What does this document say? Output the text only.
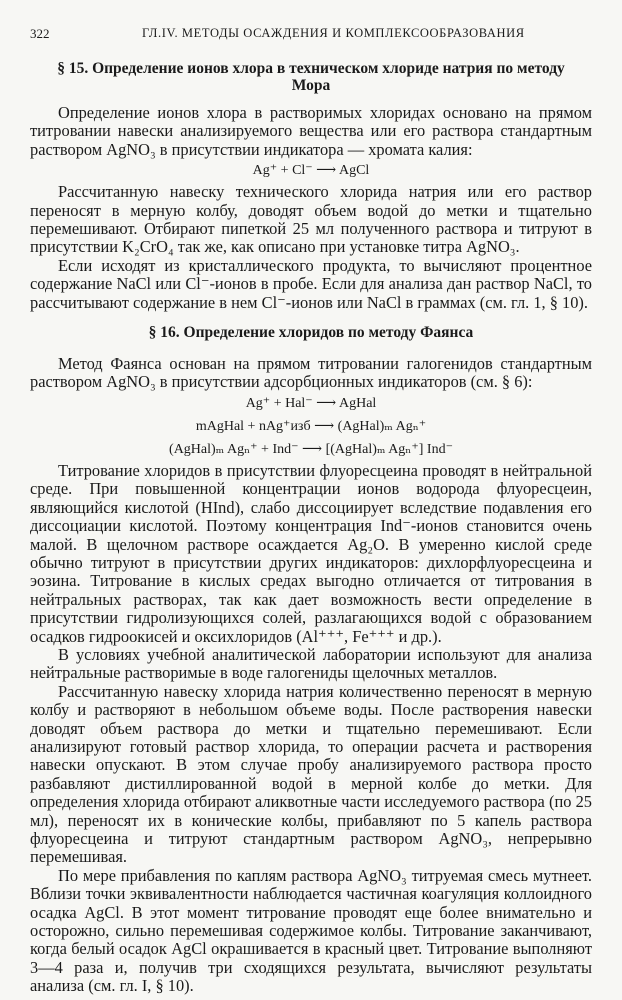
322	ГЛ.IV. МЕТОДЫ ОСАЖДЕНИЯ И КОМПЛЕКСООБРАЗОВАНИЯ
§ 15. Определение ионов хлора в техническом хлориде натрия по методу Мора

Определение ионов хлора в растворимых хлоридах основано на прямом титровании навески анализируемого вещества или его раствора стандартным раствором AgNO₃ в присутствии индикатора — хромата калия:

Ag⁺ + Cl⁻ ⟶ AgCl

Рассчитанную навеску технического хлорида натрия или его раствор переносят в мерную колбу, доводят объем водой до метки и тщательно перемешивают. Отбирают пипеткой 25 мл полученного раствора и титруют в присутствии K₂CrO₄ так же, как описано при установке титра AgNO₃.

Если исходят из кристаллического продукта, то вычисляют процентное содержание NaCl или Cl⁻-ионов в пробе. Если для анализа дан раствор NaCl, то рассчитывают содержание в нем Cl⁻-ионов или NaCl в граммах (см. гл. 1, § 10).

§ 16. Определение хлоридов по методу Фаянса

Метод Фаянса основан на прямом титровании галогенидов стандартным раствором AgNO₃ в присутствии адсорбционных индикаторов (см. § 6):

Ag⁺ + Hal⁻ ⟶ AgHal
mAgHal + nAg⁺изб ⟶ (AgHal)ₘ Agₙ⁺
(AgHal)ₘ Agₙ⁺ + Ind⁻ ⟶ [(AgHal)ₘ Agₙ⁺] Ind⁻

Титрование хлоридов в присутствии флуоресцеина проводят в нейтральной среде. При повышенной концентрации ионов водорода флуоресцеин, являющийся кислотой (HInd), слабо диссоциирует вследствие подавления его диссоциации кислотой. Поэтому концентрация Ind⁻-ионов становится очень малой. В щелочном растворе осаждается Ag₂O. В умеренно кислой среде обычно титруют в присутствии других индикаторов: дихлорфлуоресцеина и эозина. Титрование в кислых средах выгодно отличается от титрования в нейтральных растворах, так как дает возможность вести определение в присутствии гидролизующихся солей, разлагающихся водой с образованием осадков гидроокисей и оксихлоридов (Al⁺⁺⁺, Fe⁺⁺⁺ и др.).

В условиях учебной аналитической лаборатории используют для анализа нейтральные растворимые в воде галогениды щелочных металлов.

Рассчитанную навеску хлорида натрия количественно переносят в мерную колбу и растворяют в небольшом объеме воды. После растворения навески доводят объем раствора до метки и тщательно перемешивают. Если анализируют готовый раствор хлорида, то операции расчета и растворения навески опускают. В этом случае пробу анализируемого раствора просто разбавляют дистиллированной водой в мерной колбе до метки. Для определения хлорида отбирают аликвотные части исследуемого раствора (по 25 мл), переносят их в конические колбы, прибавляют по 5 капель раствора флуоресцеина и титруют стандартным раствором AgNO₃, непрерывно перемешивая.

По мере прибавления по каплям раствора AgNO₃ титруемая смесь мутнеет. Вблизи точки эквивалентности наблюдается частичная коагуляция коллоидного осадка AgCl. В этот момент титрование проводят еще более внимательно и осторожно, сильно перемешивая содержимое колбы. Титрование заканчивают, когда белый осадок AgCl окрашивается в красный цвет. Титрование выполняют 3—4 раза и, получив три сходящихся результата, вычисляют результаты анализа (см. гл. I, § 10).
